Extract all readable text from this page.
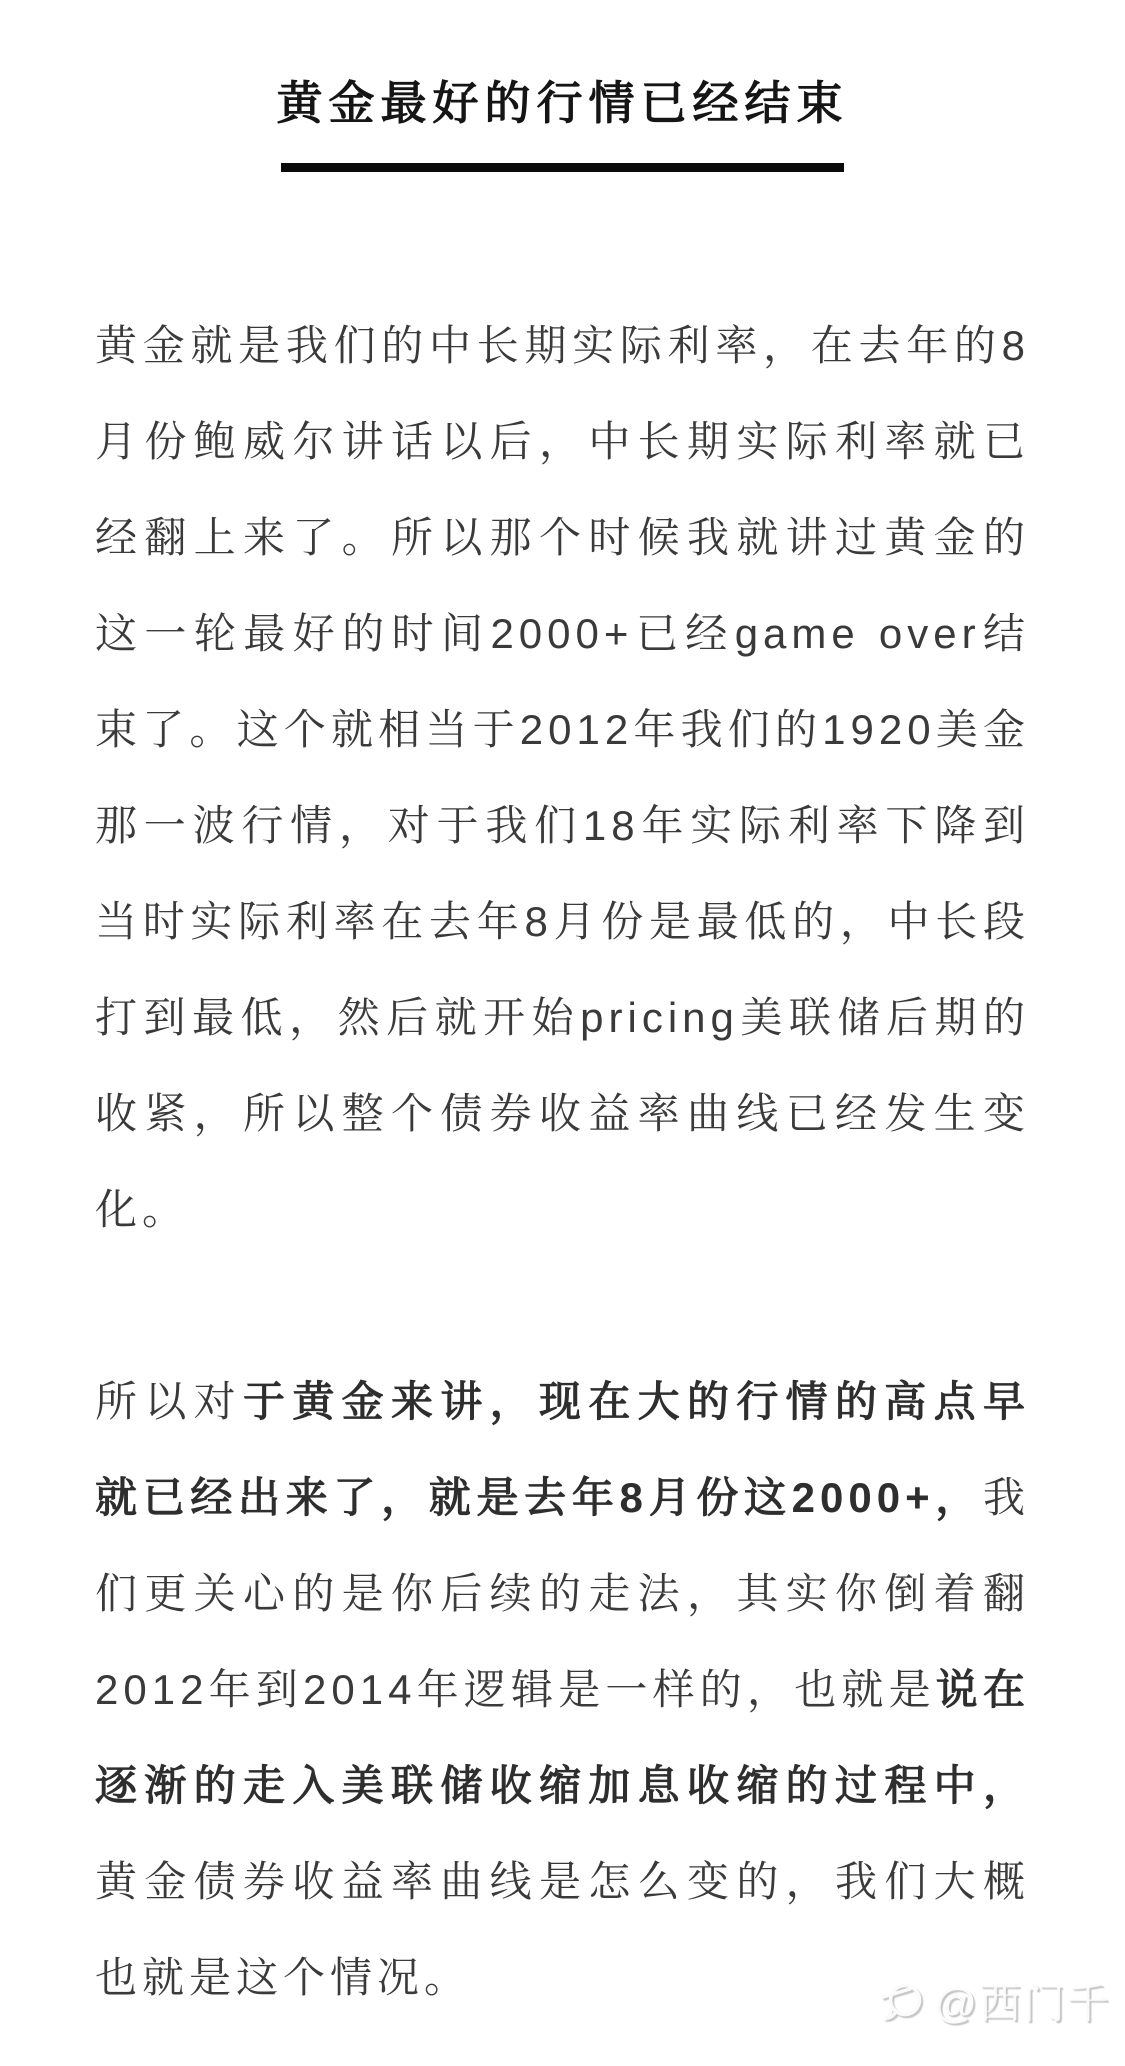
黄金最好的行情已经结束

黄金就是我们的中长期实际利率，在去年的8月份鲍威尔讲话以后，中长期实际利率就已经翻上来了。所以那个时候我就讲过黄金的这一轮最好的时间2000+已经game over结束了。这个就相当于2012年我们的1920美金那一波行情，对于我们18年实际利率下降到当时实际利率在去年8月份是最低的，中长段打到最低，然后就开始pricing美联储后期的收紧，所以整个债券收益率曲线已经发生变化。

所以对于黄金来讲，现在大的行情的高点早就已经出来了，就是去年8月份这2000+，我们更关心的是你后续的走法，其实你倒着翻2012年到2014年逻辑是一样的，也就是说在逐渐的走入美联储收缩加息收缩的过程中，黄金债券收益率曲线是怎么变的，我们大概也就是这个情况。

@西门千
